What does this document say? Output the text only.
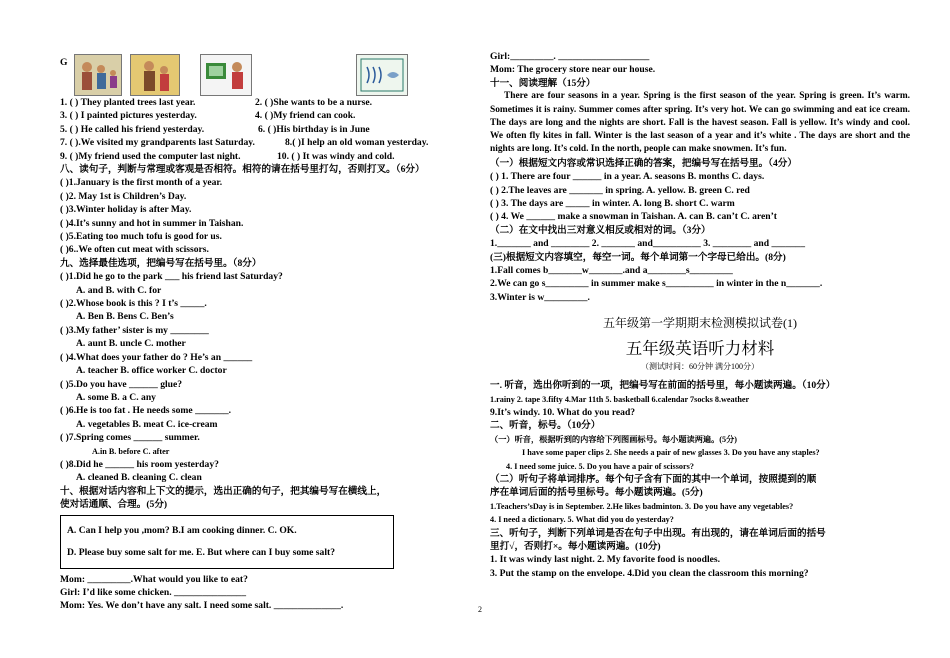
G
1. ( ) They planted trees last year.
3. ( ) I painted pictures yesterday.
5. ( ) He called his friend yesterday.
7. ( ).We visited my grandparents last Saturday.
9. ( )My friend used the computer last night.
2. ( )She wants to be a nurse.
4. ( )My friend can cook.
6. ( )His birthday is in June
8.( )I help an old woman yesterday.
10. ( ) It was windy and cold.
八、读句子，判断与常理或客观是否相符。相符的请在括号里打勾，否则打叉。（6分）
( )1.January is the first month of a year.
( )2. May 1st is Children’s Day.
( )3.Winter holiday is after May.
( )4.It’s sunny and hot in summer in Taishan.
( )5.Eating too much tofu is good for us.
( )6..We often cut meat with scissors.
九、选择最佳选项，把编号写在括号里。（8分）
( )1.Did he go to the park ___ his friend last Saturday?
A. and B. with C. for
( )2.Whose book is this ? I t’s _____.
A. Ben B. Bens C. Ben’s
( )3.My father’ sister is my ________
A. aunt B. uncle C. mother
( )4.What does your father do ? He’s an ______
A. teacher B. office worker C. doctor
( )5.Do you have ______ glue?
A. some B. a C. any
( )6.He is too fat . He needs some _______.
A. vegetables B. meat C. ice-cream
( )7.Spring comes ______ summer.
A.in B. before C. after
( )8.Did he ______ his room yesterday?
A. cleaned B. cleaning C. clean
十、根据对话内容和上下文的提示，选出正确的句子，把其编号写在横线上，
使对话通顺、合理。(5分)
A. Can I help you ,mom? B.I am cooking dinner. C. OK.
D. Please buy some salt for me. E. But where can I buy some salt?
Mom: _________.What would you like to eat?
Girl: I’d like some chicken. _______________
Mom: Yes. We don’t have any salt. I need some salt. ______________.
Girl:_________. ___________________
Mom: The grocery store near our house.
十一、阅读理解（15分）

There are four seasons in a year. Spring is the first season of the year. Spring is green. It’s warm. Sometimes it is rainy. Summer comes after spring. It’s very hot. We can go swimming and eat ice cream. The days are long and the nights are short. Fall is the havest season. Fall is yellow. It’s windy and cool. We often fly kites in fall. Winter is the last season of a year and it’s white . The days are short and the nights are long. It’s cold. In the north, people can make snowmen. It’s fun.

（一）根据短文内容或常识选择正确的答案，把编号写在括号里。（4分）
( ) 1. There are four ______ in a year. A. seasons B. months C. days.
( ) 2.The leaves are _______ in spring. A. yellow. B. green C. red
( ) 3. The days are _____ in winter. A. long B. short C. warm
( ) 4. We ______ make a snowman in Taishan. A. can B. can’t C. aren’t
（二）在文中找出三对意义相反或相对的词。（3分）
1._______ and ________ 2. _______ and__________ 3. ________ and _______
(三)根据短文内容填空，每空一词。每个单词第一个字母已给出。(8分)
1.Fall comes b_______w_______.and a________s_________
2.We can go s_________ in summer make s__________ in winter in the n_______.
3.Winter is w_________.
五年级第一学期期末检测模拟试卷(1)
五年级英语听力材料
（测试时间：60分钟 满分100分）
一. 听音，选出你听到的一项，把编号写在前面的括号里，每小题读两遍。（10分）
1.rainy 2. tape 3.fifty 4.Mar 11th 5. basketball 6.calendar 7socks 8.weather
9.It’s windy. 10. What do you read?
二、听音，标号。（10分）
（一）听音，根据听到的内容给下列图画标号。每小题读两遍。(5分)
I have some paper clips 2. She needs a pair of new glasses 3. Do you have any staples?
4. I need some juice. 5. Do you have a pair of scissors?
（二）听句子将单词排序。每个句子含有下面的其中一个单词，按照提到的顺
序在单词后面的括号里标号。每小题读两遍。(5分)
1.Teachers’sDay is in September. 2.He likes badminton. 3. Do you have any vegetables?
4. I need a dictionary. 5. What did you do yesterday?
三、听句子，判断下列单词是否在句子中出现。有出现的，请在单词后面的括号
里打√，否则打×。每小题读两遍。(10分)
1. It was windy last night. 2. My favorite food is noodles.
3. Put the stamp on the envelope. 4.Did you clean the classroom this morning?
2
